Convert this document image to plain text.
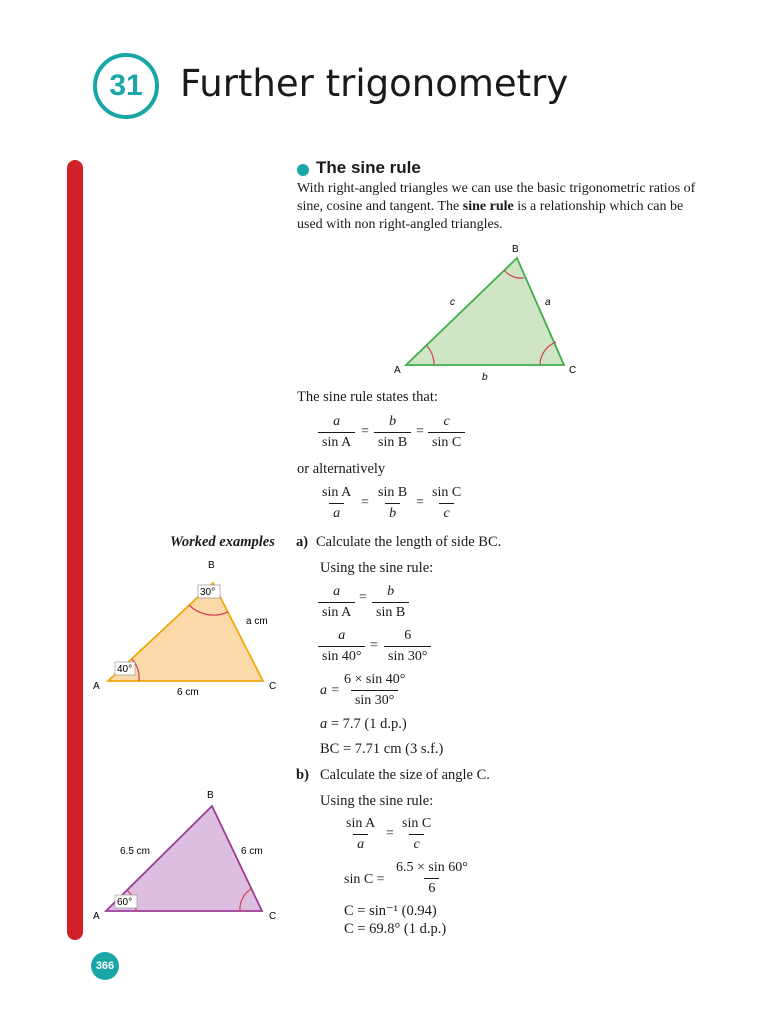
31 Further trigonometry
366
The sine rule
With right-angled triangles we can use the basic trigonometric ratios of sine, cosine and tangent. The sine rule is a relationship which can be used with non right-angled triangles.
B
A	C
c	a
b
The sine rule states that:
$\frac{a}{\text{sin A}} = \frac{b}{\text{sin B}} = \frac{c}{\text{sin C}}$
or alternatively
$\frac{\text{sin A}}{a} = \frac{\text{sin B}}{b} = \frac{\text{sin C}}{c}$
Worked examples a) Calculate the length of side BC.
Using the sine rule:
$\frac{a}{\text{sin A}} = \frac{b}{\text{sin B}}$
$\frac{a}{\sin 40^\circ} = \frac{6}{\sin 30^\circ}$
$a = \frac{6 \times \sin 40^\circ}{\sin 30^\circ}$
a = 7.7 (1 d.p.)
BC = 7.71 cm (3 s.f.)
40°
30°
B
A	C
a cm
6 cm
b) Calculate the size of angle C.
Using the sine rule:
$\frac{\text{sin A}}{a} = \frac{\text{sin C}}{c}$
$\sin C = \frac{6.5 \times \sin 60^\circ}{6}$
C = sin⁻¹ (0.94)
C = 69.8° (1 d.p.)
60°
B
A	C
6.5 cm	6 cm
